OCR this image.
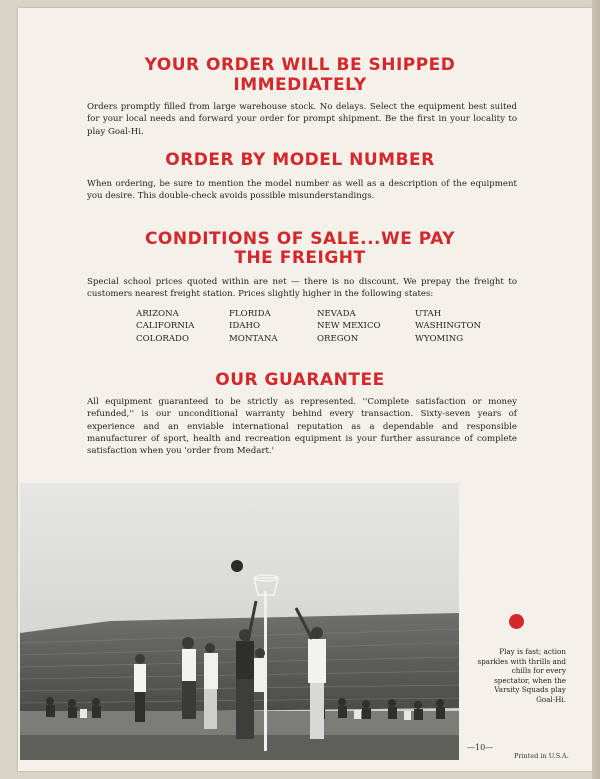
YOUR ORDER WILL BE SHIPPED
IMMEDIATELY

Orders promptly filled from large warehouse stock. No delays. Select the equipment best suited for your local needs and forward your order for prompt shipment. Be the first in your locality to play Goal-Hi.

ORDER BY MODEL NUMBER

When ordering, be sure to mention the model number as well as a description of the equipment you desire. This double-check avoids possible misunderstandings.

CONDITIONS OF SALE...WE PAY
THE FREIGHT

Special school prices quoted within are net — there is no discount. We prepay the freight to customers nearest freight station. Prices slightly higher in the following states:

ARIZONA	FLORIDA	NEVADA	UTAH
CALIFORNIA	IDAHO	NEW MEXICO	WASHINGTON
COLORADO	MONTANA	OREGON	WYOMING
OUR GUARANTEE

All equipment guaranteed to be strictly as represented. ''Complete satisfaction or money refunded,'' is our unconditional warranty behind every transaction. Sixty-seven years of experience and an enviable international reputation as a dependable and responsible manufacturer of sport, health and recreation equipment is your further assurance of complete satisfaction when you 'order from Medart.'

Play is fast; action sparkles with thrills and chills for every spectator, when the Varsity Squads play Goal-Hi.

—10—
Printed in U.S.A.
